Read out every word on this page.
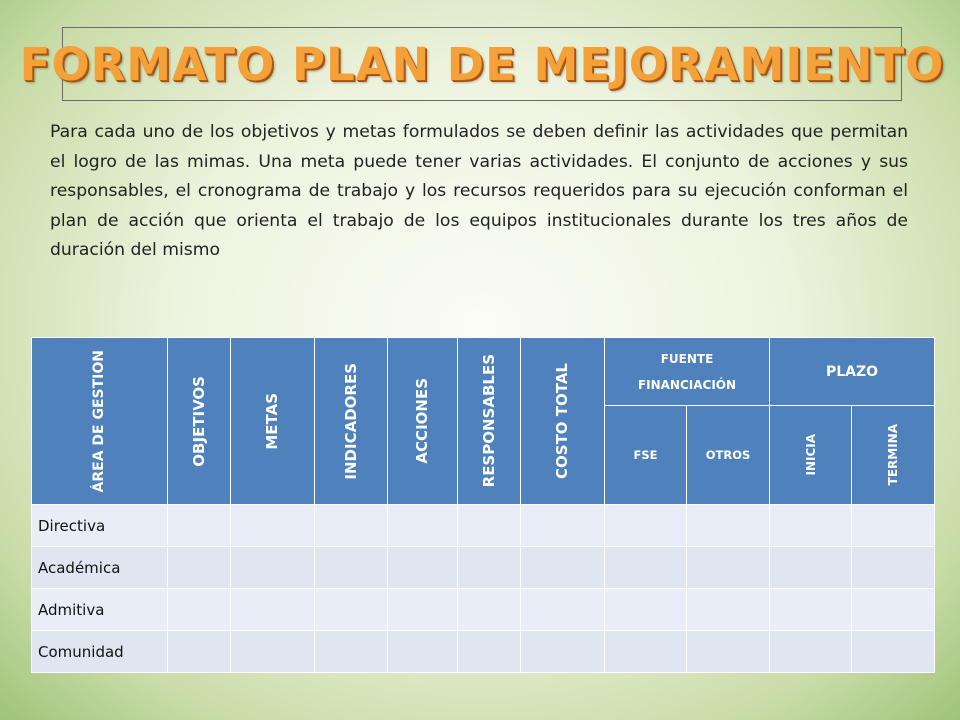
FORMATO PLAN DE MEJORAMIENTO

Para cada uno de los objetivos y metas formulados se deben definir las actividades que permitan el logro de las mimas. Una meta puede tener varias actividades. El conjunto de acciones y sus responsables, el cronograma de trabajo y los recursos requeridos para su ejecución conforman el plan de acción que orienta el trabajo de los equipos institucionales durante los tres años de duración del mismo

ÁREA DE GESTION	OBJETIVOS	METAS	INDICADORES	ACCIONES	RESPONSABLES	COSTO TOTAL	FUENTE FINANCIACIÓN		PLAZO	
							FSE	OTROS	INICIA	TERMINA

Directiva										
Académica										
Admitiva										
Comunidad										
